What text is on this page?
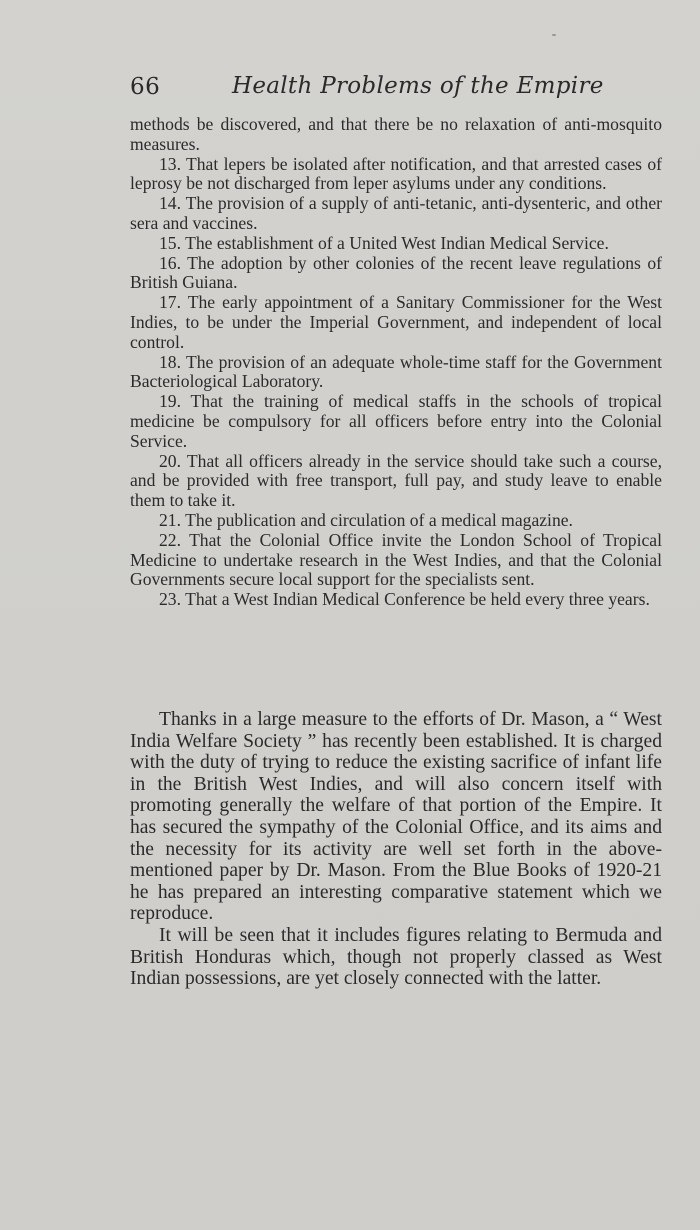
66	Health Problems of the Empire

methods be discovered, and that there be no relaxation of anti-mosquito measures.

13. That lepers be isolated after notification, and that arrested cases of leprosy be not discharged from leper asylums under any conditions.

14. The provision of a supply of anti-tetanic, anti-dysenteric, and other sera and vaccines.

15. The establishment of a United West Indian Medical Service.

16. The adoption by other colonies of the recent leave regulations of British Guiana.

17. The early appointment of a Sanitary Commissioner for the West Indies, to be under the Imperial Government, and independent of local control.

18. The provision of an adequate whole-time staff for the Government Bacteriological Laboratory.

19. That the training of medical staffs in the schools of tropical medicine be compulsory for all officers before entry into the Colonial Service.

20. That all officers already in the service should take such a course, and be provided with free transport, full pay, and study leave to enable them to take it.

21. The publication and circulation of a medical magazine.

22. That the Colonial Office invite the London School of Tropical Medicine to undertake research in the West Indies, and that the Colonial Governments secure local support for the specialists sent.

23. That a West Indian Medical Conference be held every three years.

Thanks in a large measure to the efforts of Dr. Mason, a “ West India Welfare Society ” has recently been established. It is charged with the duty of trying to reduce the existing sacrifice of infant life in the British West Indies, and will also concern itself with promoting generally the welfare of that portion of the Empire. It has secured the sympathy of the Colonial Office, and its aims and the necessity for its activity are well set forth in the above-mentioned paper by Dr. Mason. From the Blue Books of 1920-21 he has prepared an interesting comparative statement which we reproduce.

It will be seen that it includes figures relating to Bermuda and British Honduras which, though not properly classed as West Indian possessions, are yet closely connected with the latter.
